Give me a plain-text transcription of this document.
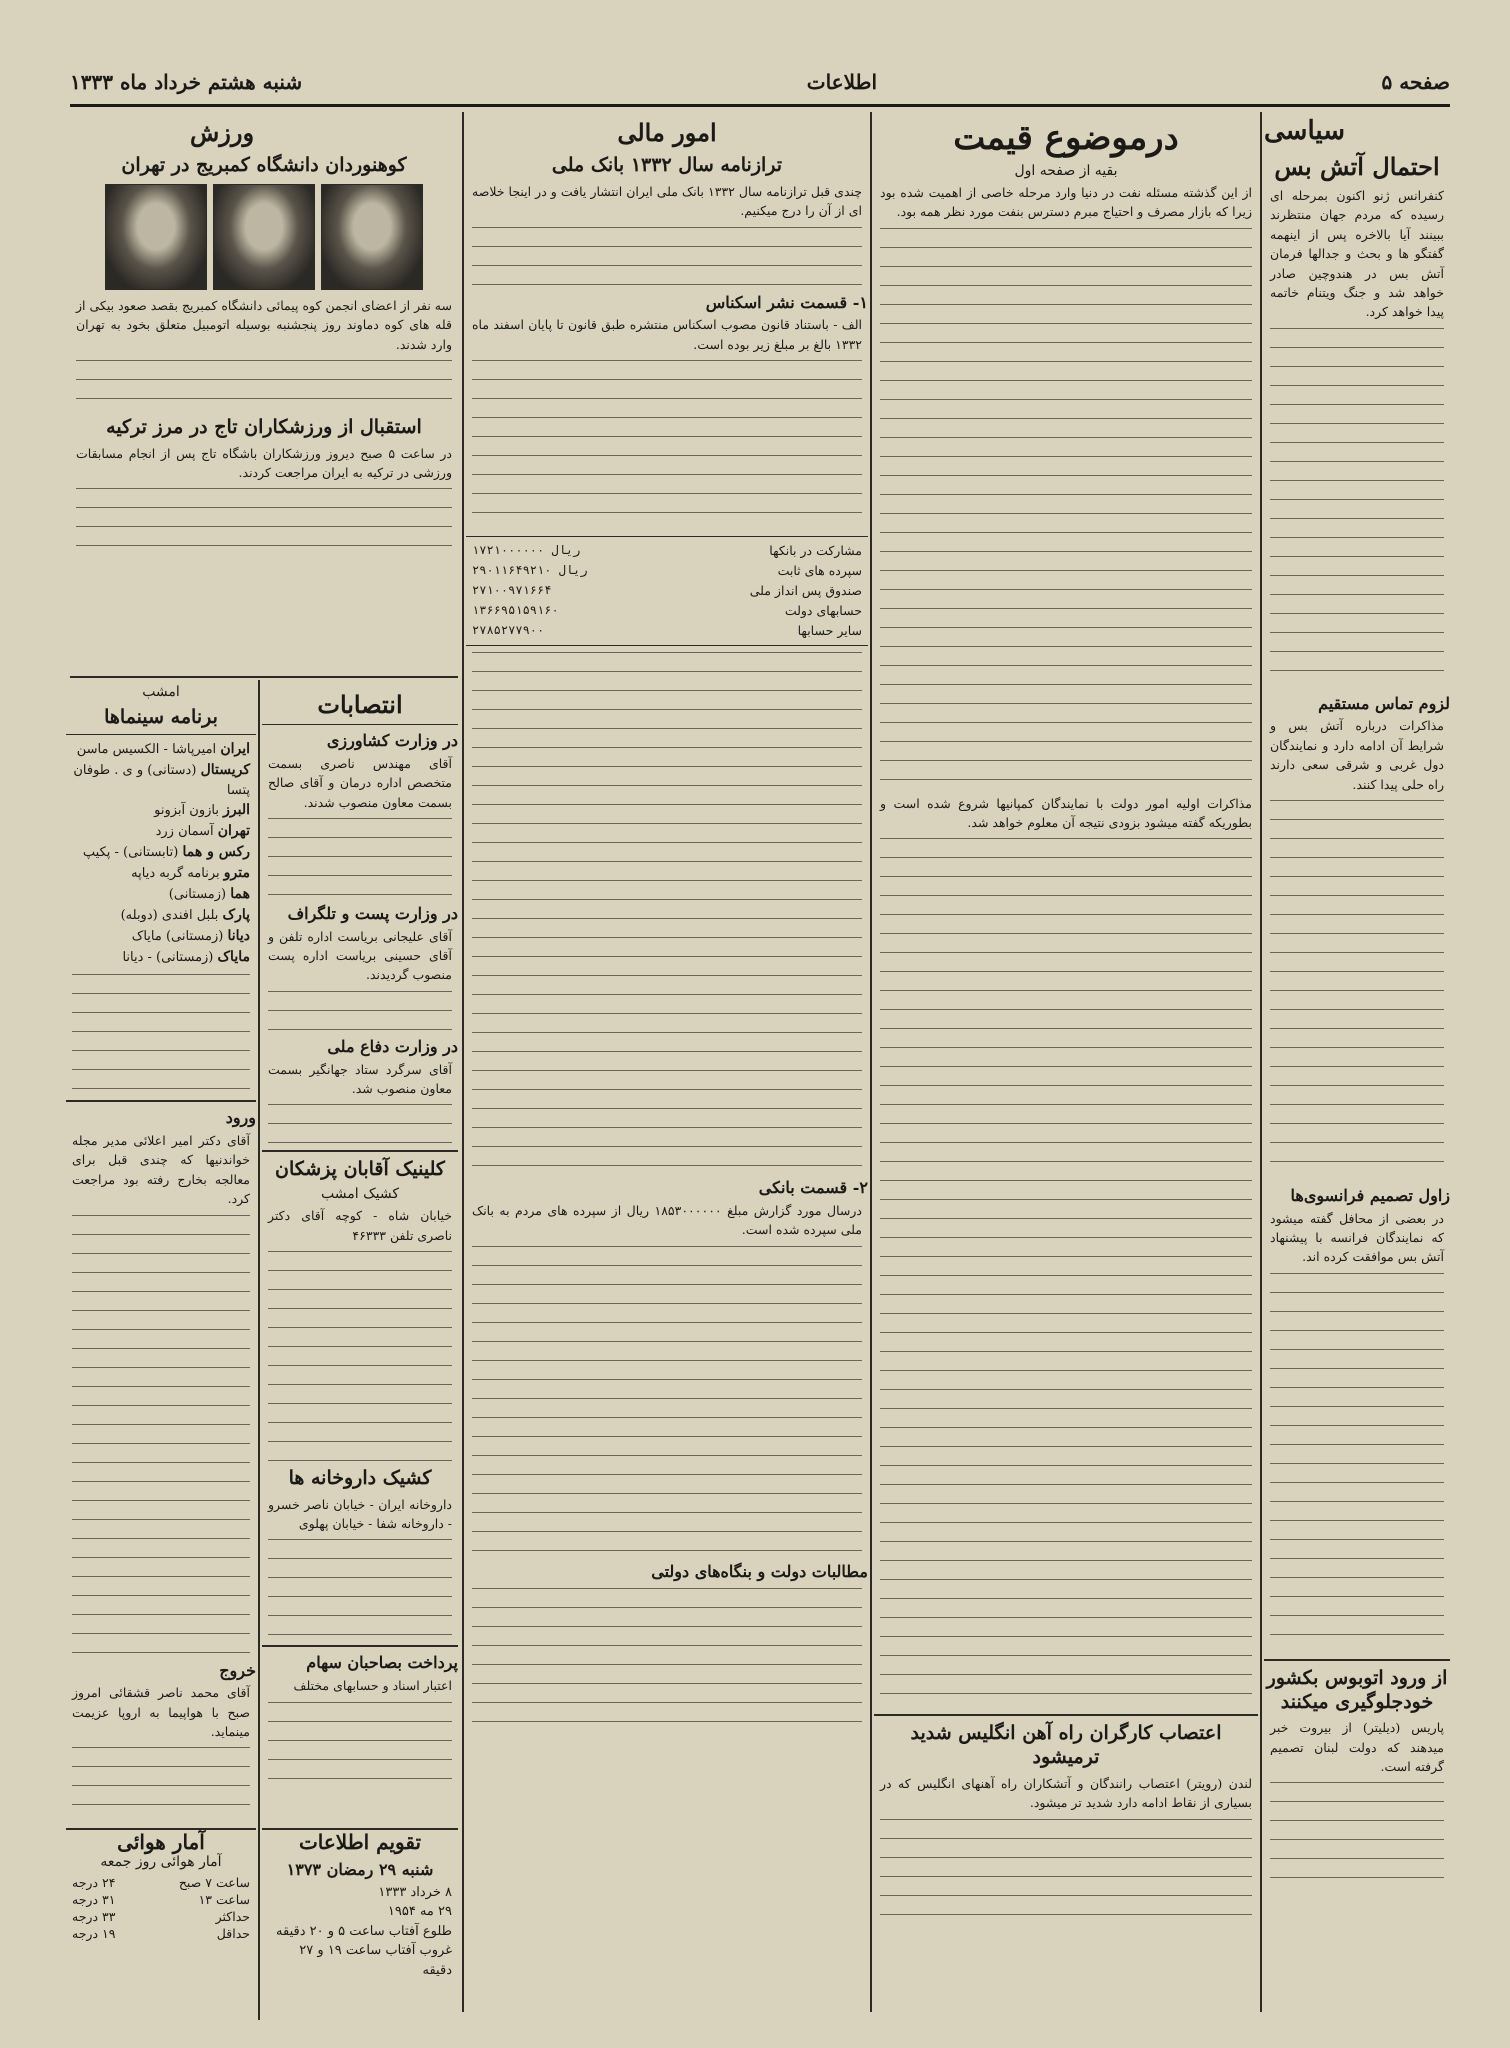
صفحه ۵
اطلاعات
شنبه هشتم خرداد ماه ۱۳۳۳
سیاسی
احتمال آتش بس
کنفرانس ژنو اکنون بمرحله ای رسیده که مردم جهان منتظرند ببینند آیا بالاخره پس از اینهمه گفتگو ها و بحث و جدالها فرمان آتش بس در هندوچین صادر خواهد شد و جنگ ویتنام خاتمه پیدا خواهد کرد.
لزوم تماس مستقیم
مذاکرات درباره آتش بس و شرایط آن ادامه دارد و نمایندگان دول غربی و شرقی سعی دارند راه حلی پیدا کنند.
زاول تصمیم فرانسوی‌ها
در بعضی از محافل گفته میشود که نمایندگان فرانسه با پیشنهاد آتش بس موافقت کرده اند.
از ورود اتوبوس بکشور خودجلوگیری میکنند
پاریس (دیلیتر) از بیروت خبر میدهند که دولت لبنان تصمیم گرفته است.
درموضوع قیمت
بقیه از صفحه اول
از این گذشته مسئله نفت در دنیا وارد مرحله خاصی از اهمیت شده بود زیرا که بازار مصرف و احتیاج مبرم دسترس بنفت مورد نظر همه بود.
مذاکرات اولیه امور دولت با نمایندگان کمپانیها شروع شده است و بطوریکه گفته میشود بزودی نتیجه آن معلوم خواهد شد.
اعتصاب کارگران راه آهن انگلیس شدید ترمیشود
لندن (رویتر) اعتصاب رانندگان و آتشکاران راه آهنهای انگلیس که در بسیاری از نقاط ادامه دارد شدید تر میشود.
امور مالی
ترازنامه سال ۱۳۳۲ بانک ملی
چندی قبل ترازنامه سال ۱۳۳۲ بانک ملی ایران انتشار یافت و در اینجا خلاصه ای از آن را درج میکنیم.
۱- قسمت نشر اسکناس
الف - باستناد قانون مصوب اسکناس منتشره طبق قانون تا پایان اسفند ماه ۱۳۳۲ بالغ بر مبلغ زیر بوده است.
مشارکت در بانکها
۱۷۲۱۰۰۰۰۰۰ ریال
سپرده های ثابت
۲۹۰۱۱۶۴۹۲۱۰ ریال
صندوق پس انداز ملی
۲۷۱۰۰۹۷۱۶۶۴
حسابهای دولت
۱۳۶۶۹۵۱۵۹۱۶۰
سایر حسابها
۲۷۸۵۲۷۷۹۰۰
۲- قسمت بانکی
درسال مورد گزارش مبلغ ۱۸۵۳۰۰۰۰۰۰ ریال از سپرده های مردم به بانک ملی سپرده شده است.
مطالبات دولت و بنگاه‌های دولتی
ورزش
کوهنوردان دانشگاه کمبریج در تهران
سه نفر از اعضای انجمن کوه پیمائی دانشگاه کمبریج بقصد صعود بیکی از قله های کوه دماوند روز پنجشنبه بوسیله اتومبیل متعلق بخود به تهران وارد شدند.
استقبال از ورزشکاران تاج در مرز ترکیه
در ساعت ۵ صبح دیروز ورزشکاران باشگاه تاج پس از انجام مسابقات ورزشی در ترکیه به ایران مراجعت کردند.
امشب
برنامه سینماها
ایران امیرپاشا - الکسیس ماسن
کریستال (دستانی) و ی . طوفان پتسا
البرز بازون آبزونو
تهران آسمان زرد
رکس و هما (تابستانی) - پکیپ
مترو برنامه گربه دیاپه
هما (زمستانی)
پارک بلبل افندی (دوبله)
دیانا (زمستانی) مایاک
مایاک (زمستانی) - دیانا
ورود
آقای دکتر امیر اعلائی مدیر مجله خواندنیها که چندی قبل برای معالجه بخارج رفته بود مراجعت کرد.
خروج
آقای محمد ناصر قشقائی امروز صبح با هواپیما به اروپا عزیمت مینماید.
انتصابات
در وزارت کشاورزی
آقای مهندس ناصری بسمت متخصص اداره درمان و آقای صالح بسمت معاون منصوب شدند.
در وزارت پست و تلگراف
آقای علیجانی بریاست اداره تلفن و آقای حسینی بریاست اداره پست منصوب گردیدند.
در وزارت دفاع ملی
آقای سرگرد ستاد جهانگیر بسمت معاون منصوب شد.
کلینیک آقابان پزشکان
کشیک امشب
خیابان شاه - کوچه آقای دکتر ناصری تلفن ۴۶۳۳۳
کشیک داروخانه ها
داروخانه ایران - خیابان ناصر خسرو - داروخانه شفا - خیابان پهلوی
پرداخت بصاحبان سهام
اعتبار اسناد و حسابهای مختلف
تقویم اطلاعات
شنبه ۲۹ رمضان ۱۳۷۳
۸ خرداد ۱۳۳۳
۲۹ مه ۱۹۵۴
طلوع آفتاب ساعت ۵ و ۲۰ دقیقه
غروب آفتاب ساعت ۱۹ و ۲۷ دقیقه
آمار هوائی
آمار هوائی روز جمعه
ساعت ۷ صبح
۲۴ درجه
ساعت ۱۳
۳۱ درجه
حداکثر
۳۳ درجه
حداقل
۱۹ درجه
